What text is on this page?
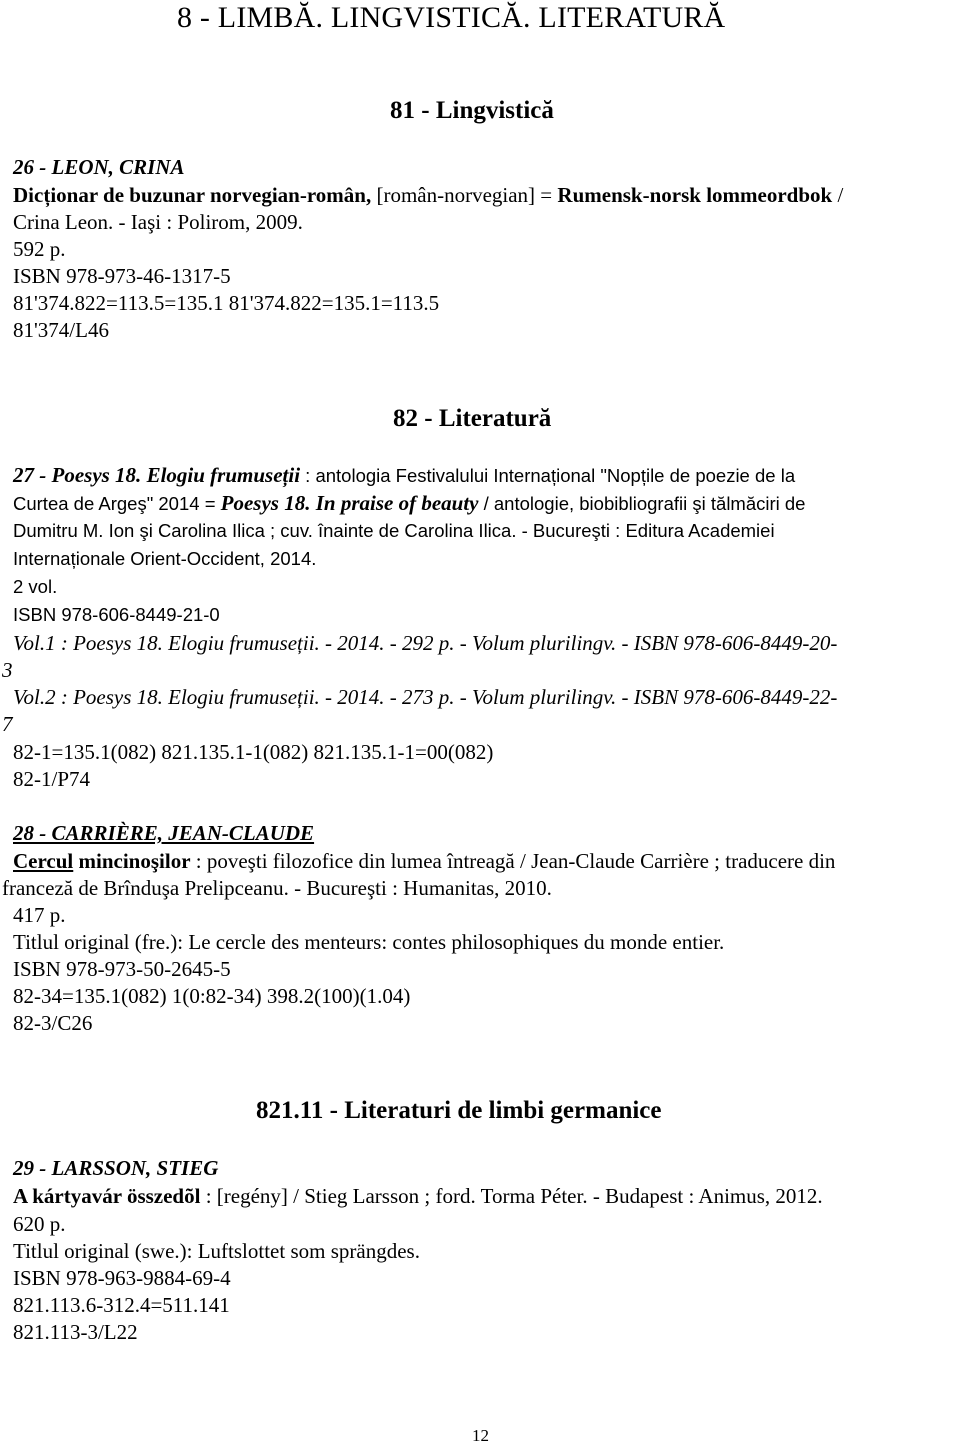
8 - LIMBĂ. LINGVISTICĂ. LITERATURĂ
81 - Lingvistică
26 - LEON, CRINA
Dicționar de buzunar norvegian-român, [român-norvegian] = Rumensk-norsk lommeordbok /
Crina Leon. - Iaşi : Polirom, 2009.
592 p.
ISBN 978-973-46-1317-5
81'374.822=113.5=135.1 81'374.822=135.1=113.5
81'374/L46
82 - Literatură
27 - Poesys 18. Elogiu frumuseții : antologia Festivalului Internațional "Nopțile de poezie de la
Curtea de Argeş" 2014 = Poesys 18. In praise of beauty / antologie, biobibliografii şi tălmăciri de
Dumitru M. Ion şi Carolina Ilica ; cuv. înainte de Carolina Ilica. - Bucureşti : Editura Academiei
Internaționale Orient-Occident, 2014.
2 vol.
ISBN 978-606-8449-21-0
Vol.1 : Poesys 18. Elogiu frumuseții. - 2014. - 292 p. - Volum plurilingv. - ISBN 978-606-8449-20-
3
Vol.2 : Poesys 18. Elogiu frumuseții. - 2014. - 273 p. - Volum plurilingv. - ISBN 978-606-8449-22-
7
82-1=135.1(082) 821.135.1-1(082) 821.135.1-1=00(082)
82-1/P74
28 - CARRIÈRE, JEAN-CLAUDE
Cercul mincinoşilor : poveşti filozofice din lumea întreagă / Jean-Claude Carrière ; traducere din
franceză de Brînduşa Prelipceanu. - Bucureşti : Humanitas, 2010.
417 p.
Titlul original (fre.): Le cercle des menteurs: contes philosophiques du monde entier.
ISBN 978-973-50-2645-5
82-34=135.1(082) 1(0:82-34) 398.2(100)(1.04)
82-3/C26
821.11 - Literaturi de limbi germanice
29 - LARSSON, STIEG
A kártyavár összedõl : [regény] / Stieg Larsson ; ford. Torma Péter. - Budapest : Animus, 2012.
620 p.
Titlul original (swe.): Luftslottet som sprängdes.
ISBN 978-963-9884-69-4
821.113.6-312.4=511.141
821.113-3/L22
12
